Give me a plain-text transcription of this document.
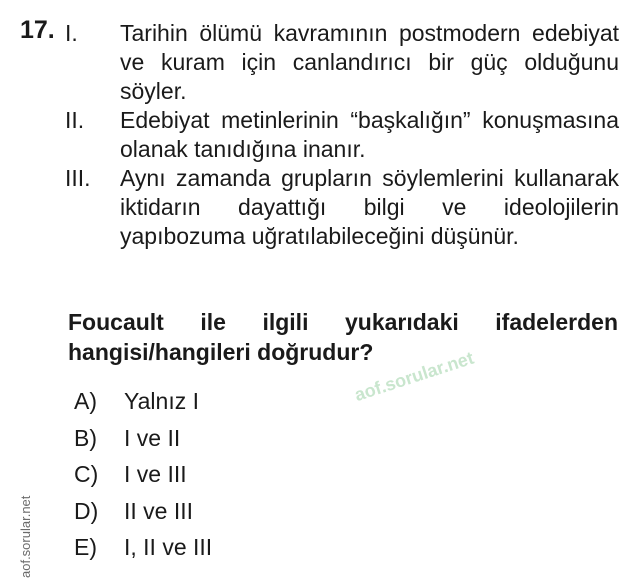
17. I. Tarihin ölümü kavramının postmodern edebiyat ve kuram için canlandırıcı bir güç olduğunu söyler.
II. Edebiyat metinlerinin “başkalığın” konuşmasına olanak tanıdığına inanır.
III. Aynı zamanda grupların söylemlerini kullanarak iktidarın dayattığı bilgi ve ideolojilerin yapıbozuma uğratılabileceğini düşünür.
Foucault ile ilgili yukarıdaki ifadelerden hangisi/hangileri doğrudur?
A) Yalnız I
B) I ve II
C) I ve III
D) II ve III
E) I, II ve III
aof.sorular.net
aof.sorular.net
